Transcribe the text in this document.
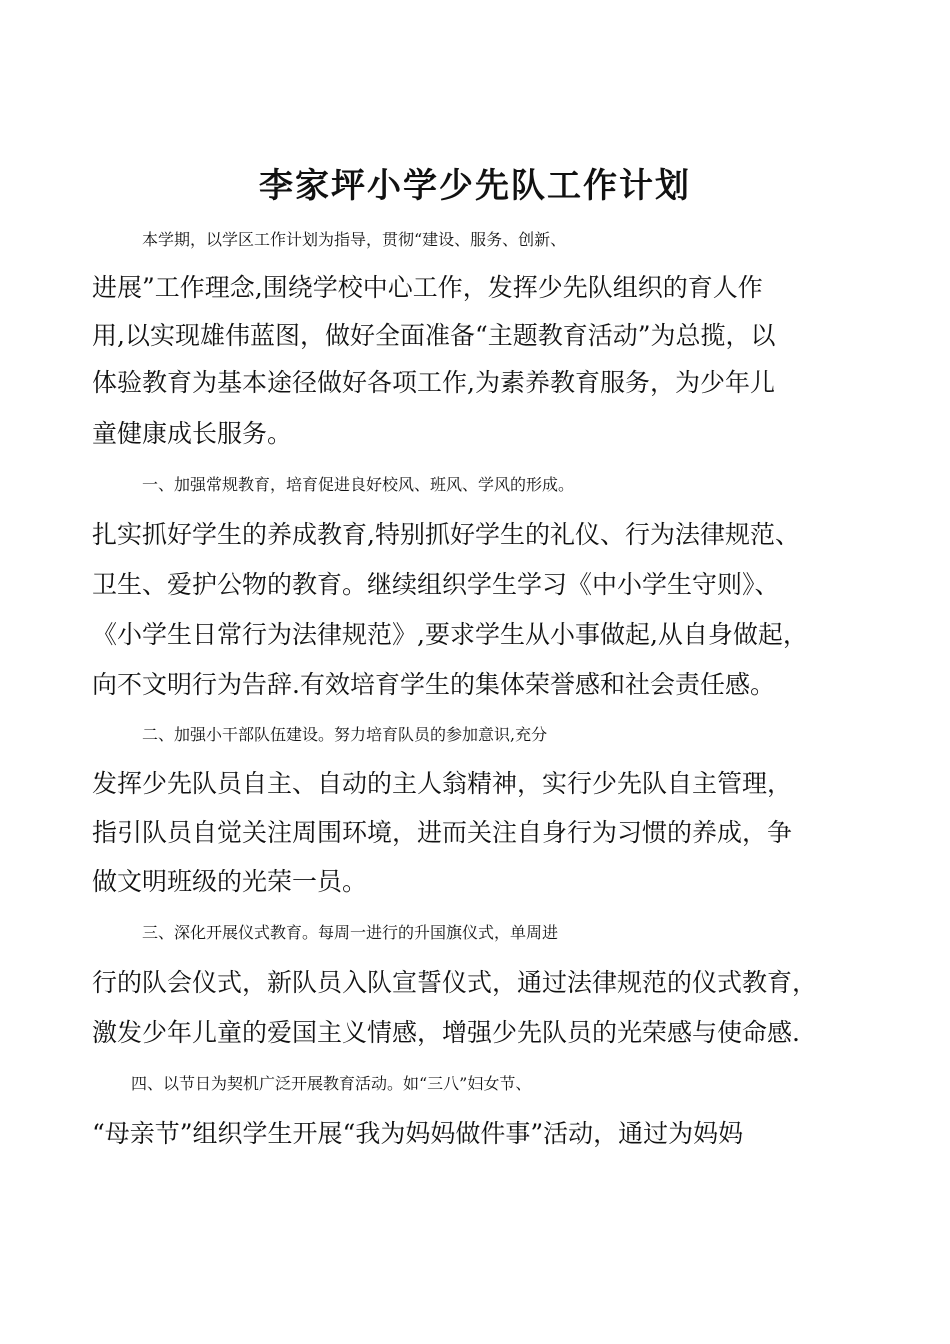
李家坪小学少先队工作计划
本学期，以学区工作计划为指导，贯彻“建设、服务、创新、
进展”工作理念,围绕学校中心工作，发挥少先队组织的育人作
用,以实现雄伟蓝图，做好全面准备“主题教育活动”为总揽，以
体验教育为基本途径做好各项工作,为素养教育服务，为少年儿
童健康成长服务。
一、加强常规教育，培育促进良好校风、班风、学风的形成。
扎实抓好学生的养成教育,特别抓好学生的礼仪、行为法律规范、
卫生、爱护公物的教育。继续组织学生学习《中小学生守则》、
《小学生日常行为法律规范》,要求学生从小事做起,从自身做起，
向不文明行为告辞.有效培育学生的集体荣誉感和社会责任感。
二、加强小干部队伍建设。努力培育队员的参加意识,充分
发挥少先队员自主、自动的主人翁精神，实行少先队自主管理，
指引队员自觉关注周围环境，进而关注自身行为习惯的养成，争
做文明班级的光荣一员。
三、深化开展仪式教育。每周一进行的升国旗仪式，单周进
行的队会仪式，新队员入队宣誓仪式，通过法律规范的仪式教育，
激发少年儿童的爱国主义情感，增强少先队员的光荣感与使命感.
四、以节日为契机广泛开展教育活动。如“三八”妇女节、
“母亲节”组织学生开展“我为妈妈做件事”活动，通过为妈妈
